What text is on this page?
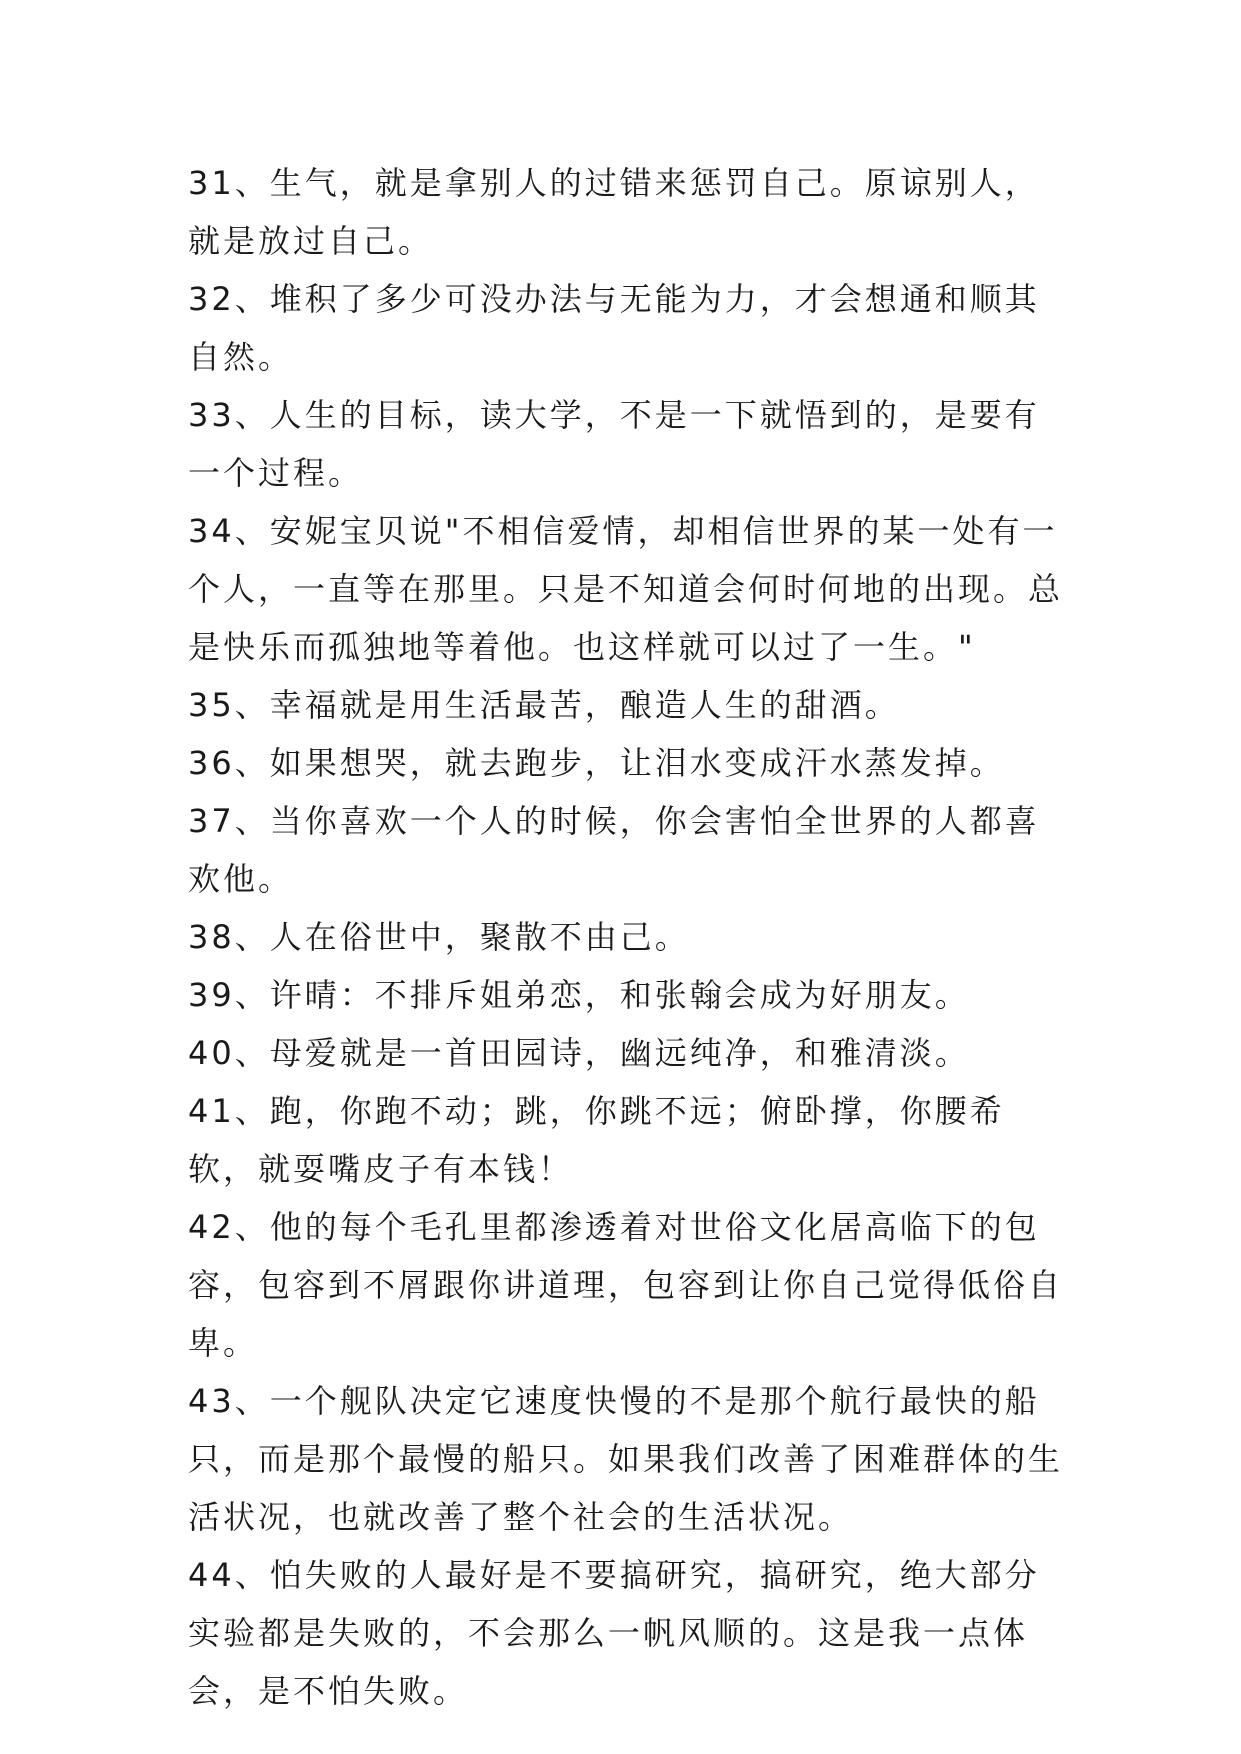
31、生气，就是拿别人的过错来惩罚自己。原谅别人，就是放过自己。

32、堆积了多少可没办法与无能为力，才会想通和顺其自然。

33、人生的目标，读大学，不是一下就悟到的，是要有一个过程。

34、安妮宝贝说"不相信爱情，却相信世界的某一处有一个人，一直等在那里。只是不知道会何时何地的出现。总是快乐而孤独地等着他。也这样就可以过了一生。"

35、幸福就是用生活最苦，酿造人生的甜酒。

36、如果想哭，就去跑步，让泪水变成汗水蒸发掉。

37、当你喜欢一个人的时候，你会害怕全世界的人都喜欢他。

38、人在俗世中，聚散不由己。

39、许晴：不排斥姐弟恋，和张翰会成为好朋友。

40、母爱就是一首田园诗，幽远纯净，和雅清淡。

41、跑，你跑不动；跳，你跳不远；俯卧撑，你腰希软，就耍嘴皮子有本钱！

42、他的每个毛孔里都渗透着对世俗文化居高临下的包容，包容到不屑跟你讲道理，包容到让你自己觉得低俗自卑。

43、一个舰队决定它速度快慢的不是那个航行最快的船只，而是那个最慢的船只。如果我们改善了困难群体的生活状况，也就改善了整个社会的生活状况。

44、怕失败的人最好是不要搞研究，搞研究，绝大部分实验都是失败的，不会那么一帆风顺的。这是我一点体会，是不怕失败。
